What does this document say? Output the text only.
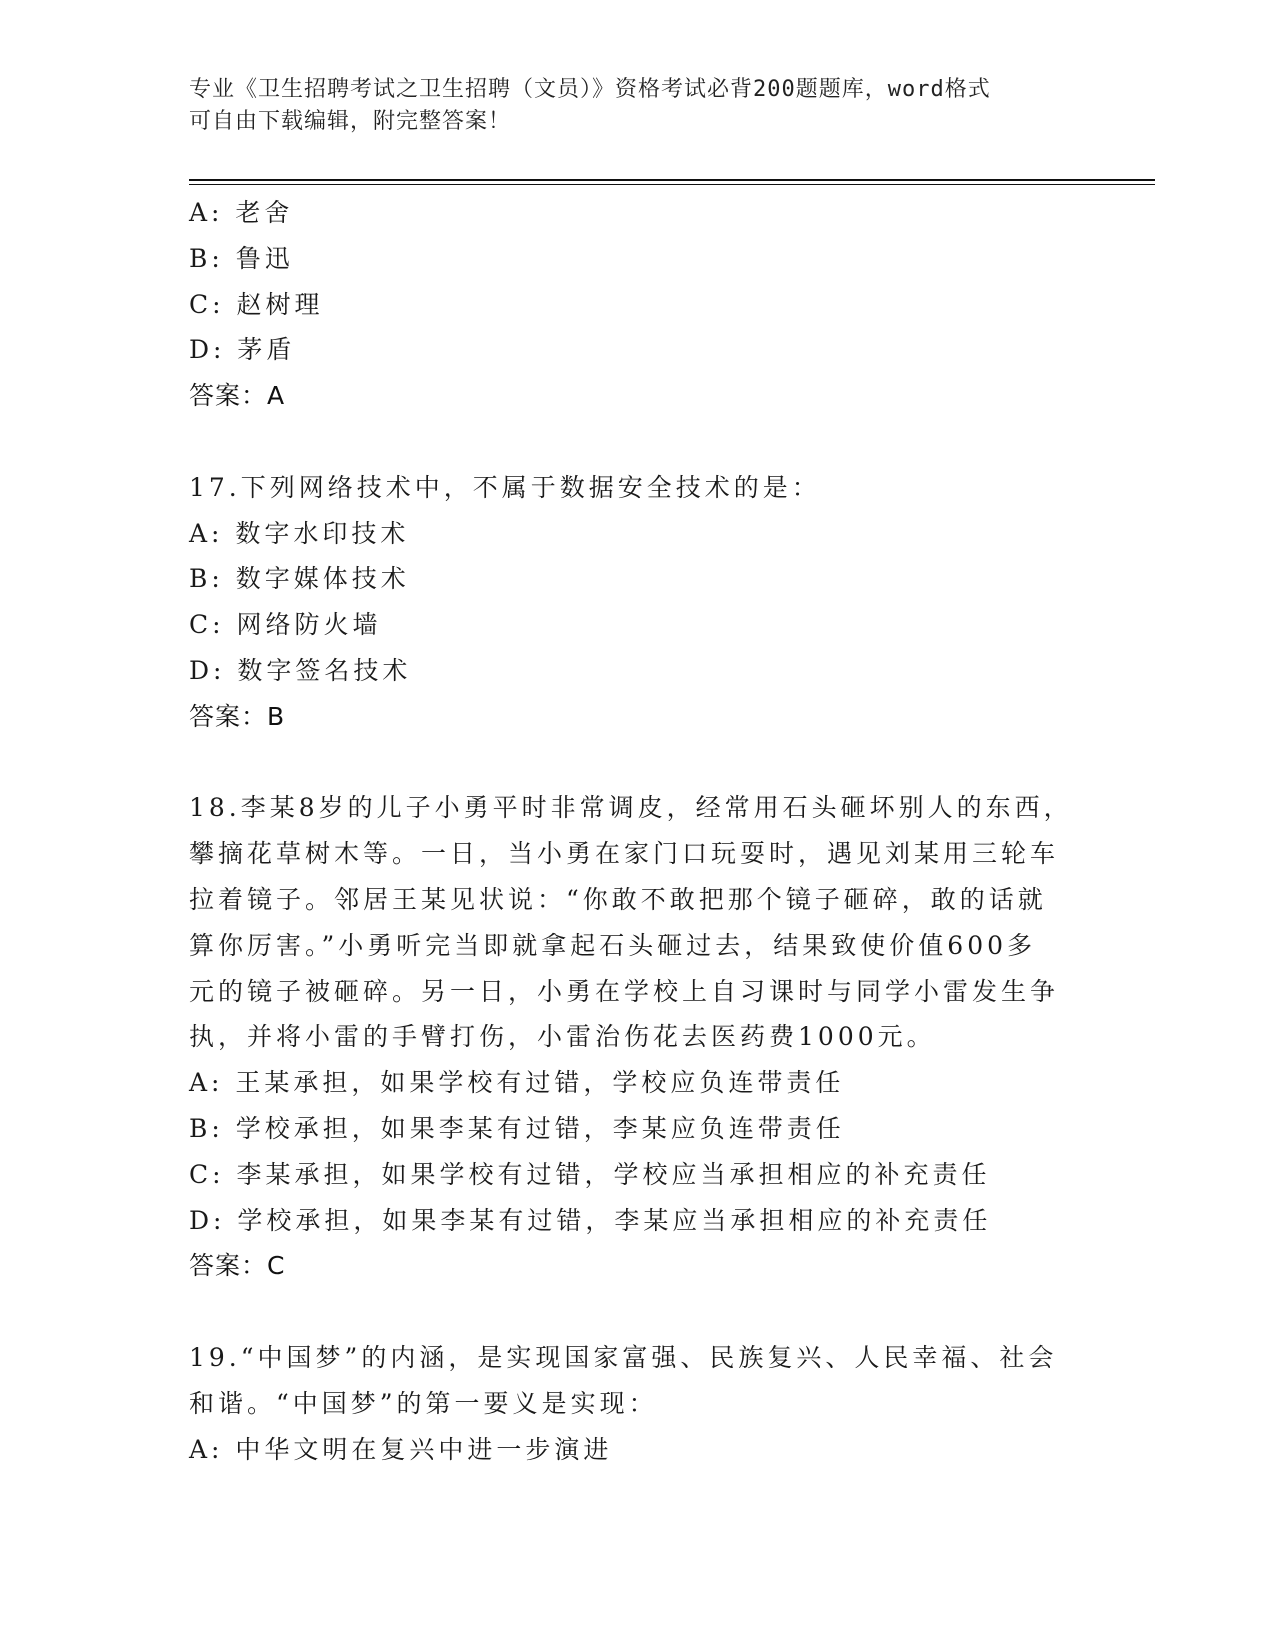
专业《卫生招聘考试之卫生招聘（文员）》资格考试必背200题题库，word格式
可自由下载编辑，附完整答案！
A: 老舍
B: 鲁迅
C: 赵树理
D: 茅盾
答案：A
17.下列网络技术中，不属于数据安全技术的是：
A: 数字水印技术
B: 数字媒体技术
C: 网络防火墙
D: 数字签名技术
答案：B
18.李某8岁的儿子小勇平时非常调皮，经常用石头砸坏别人的东西，
攀摘花草树木等。一日，当小勇在家门口玩耍时，遇见刘某用三轮车
拉着镜子。邻居王某见状说：“你敢不敢把那个镜子砸碎，敢的话就
算你厉害。”小勇听完当即就拿起石头砸过去，结果致使价值600多
元的镜子被砸碎。另一日，小勇在学校上自习课时与同学小雷发生争
执，并将小雷的手臂打伤，小雷治伤花去医药费1000元。
A: 王某承担，如果学校有过错，学校应负连带责任
B: 学校承担，如果李某有过错，李某应负连带责任
C: 李某承担，如果学校有过错，学校应当承担相应的补充责任
D: 学校承担，如果李某有过错，李某应当承担相应的补充责任
答案：C
19.“中国梦”的内涵，是实现国家富强、民族复兴、人民幸福、社会
和谐。“中国梦”的第一要义是实现：
A: 中华文明在复兴中进一步演进
